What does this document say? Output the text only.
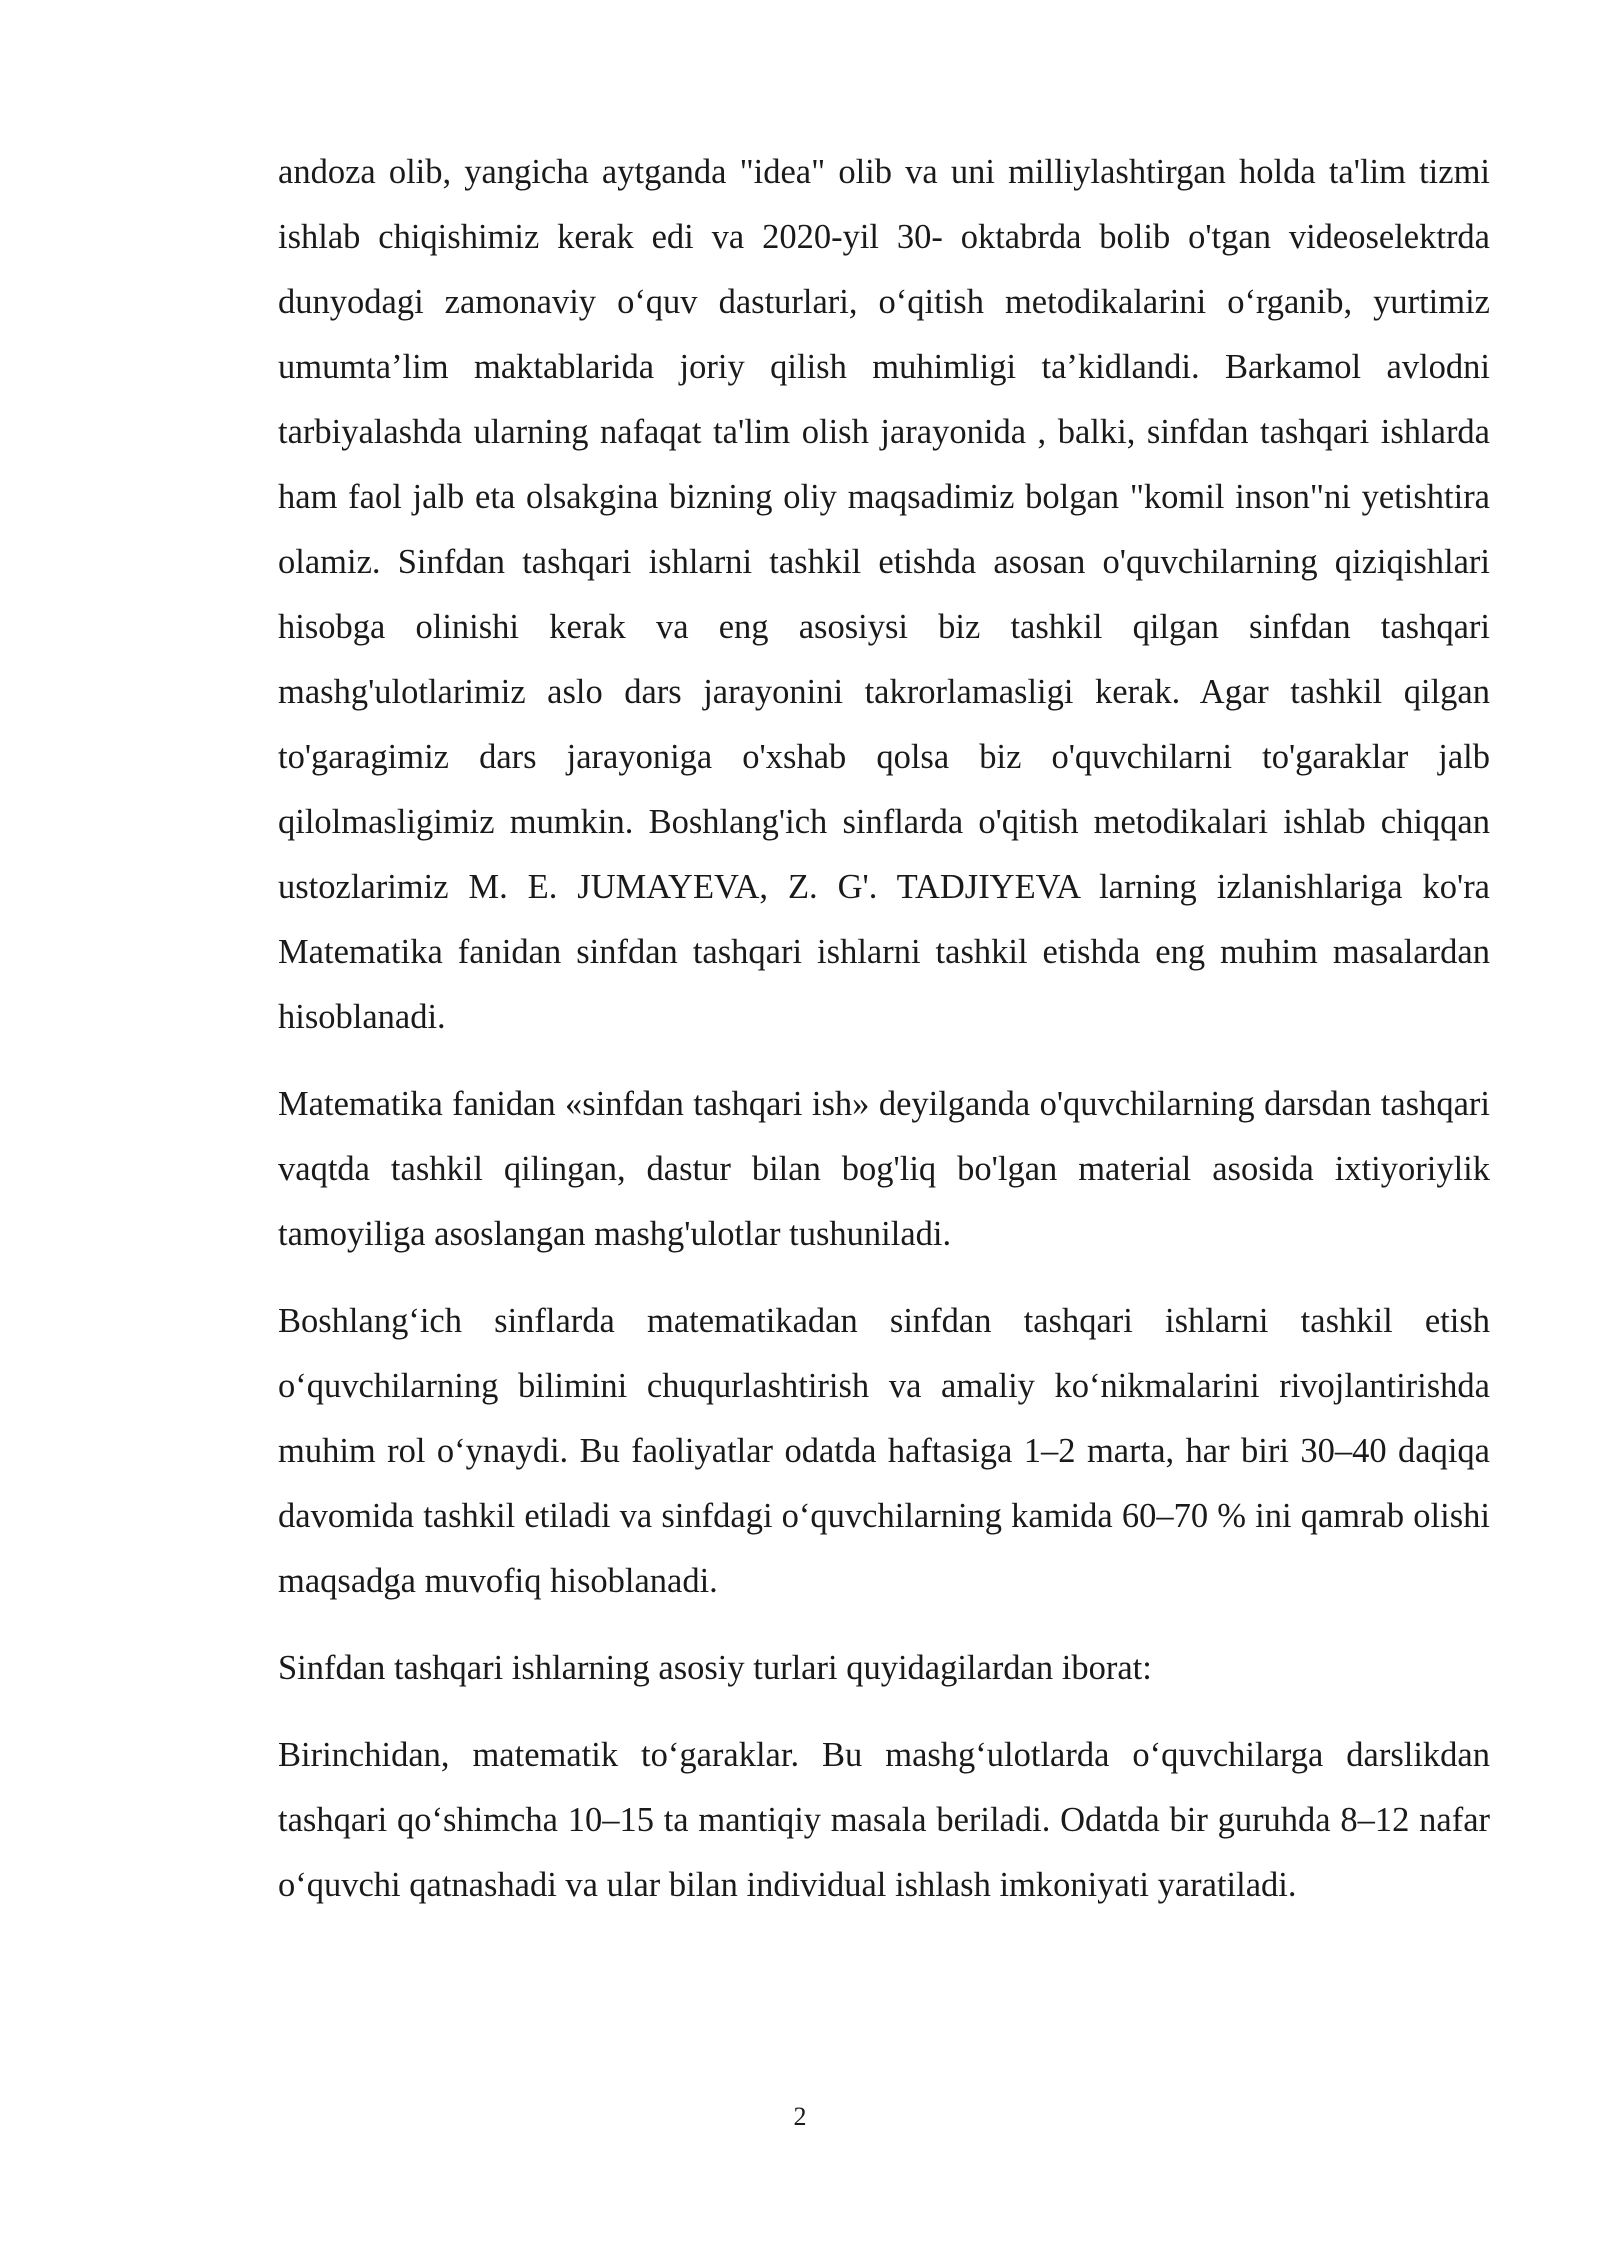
andoza olib, yangicha aytganda "idea" olib va uni milliylashtirgan holda ta'lim tizmi ishlab chiqishimiz kerak edi va 2020-yil 30- oktabrda bolib o'tgan videoselektrda dunyodagi zamonaviy o‘quv dasturlari, o‘qitish metodikalarini o‘rganib, yurtimiz umumta’lim maktablarida joriy qilish muhimligi ta’kidlandi. Barkamol avlodni tarbiyalashda ularning nafaqat ta'lim olish jarayonida , balki, sinfdan tashqari ishlarda ham faol jalb eta olsakgina bizning oliy maqsadimiz bolgan "komil inson"ni yetishtira olamiz. Sinfdan tashqari ishlarni tashkil etishda asosan o'quvchilarning qiziqishlari hisobga olinishi kerak va eng asosiysi biz tashkil qilgan sinfdan tashqari mashg'ulotlarimiz aslo dars jarayonini takrorlamasligi kerak. Agar tashkil qilgan to'garagimiz dars jarayoniga o'xshab qolsa biz o'quvchilarni to'garaklar jalb qilolmasligimiz mumkin. Boshlang'ich sinflarda o'qitish metodikalari ishlab chiqqan ustozlarimiz M. E. JUMAYEVA, Z. G'. TADJIYEVA larning izlanishlariga ko'ra Matematika fanidan sinfdan tashqari ishlarni tashkil etishda eng muhim masalardan hisoblanadi.

Matematika fanidan «sinfdan tashqari ish» deyilganda o'quvchilarning darsdan tashqari vaqtda tashkil qilingan, dastur bilan bog'liq bo'lgan material asosida ixtiyoriylik tamoyiliga asoslangan mashg'ulotlar tushuniladi.

Boshlang‘ich sinflarda matematikadan sinfdan tashqari ishlarni tashkil etish o‘quvchilarning bilimini chuqurlashtirish va amaliy ko‘nikmalarini rivojlantirishda muhim rol o‘ynaydi. Bu faoliyatlar odatda haftasiga 1–2 marta, har biri 30–40 daqiqa davomida tashkil etiladi va sinfdagi o‘quvchilarning kamida 60–70 % ini qamrab olishi maqsadga muvofiq hisoblanadi.

Sinfdan tashqari ishlarning asosiy turlari quyidagilardan iborat:

Birinchidan, matematik to‘garaklar. Bu mashg‘ulotlarda o‘quvchilarga darslikdan tashqari qo‘shimcha 10–15 ta mantiqiy masala beriladi. Odatda bir guruhda 8–12 nafar o‘quvchi qatnashadi va ular bilan individual ishlash imkoniyati yaratiladi.

2
